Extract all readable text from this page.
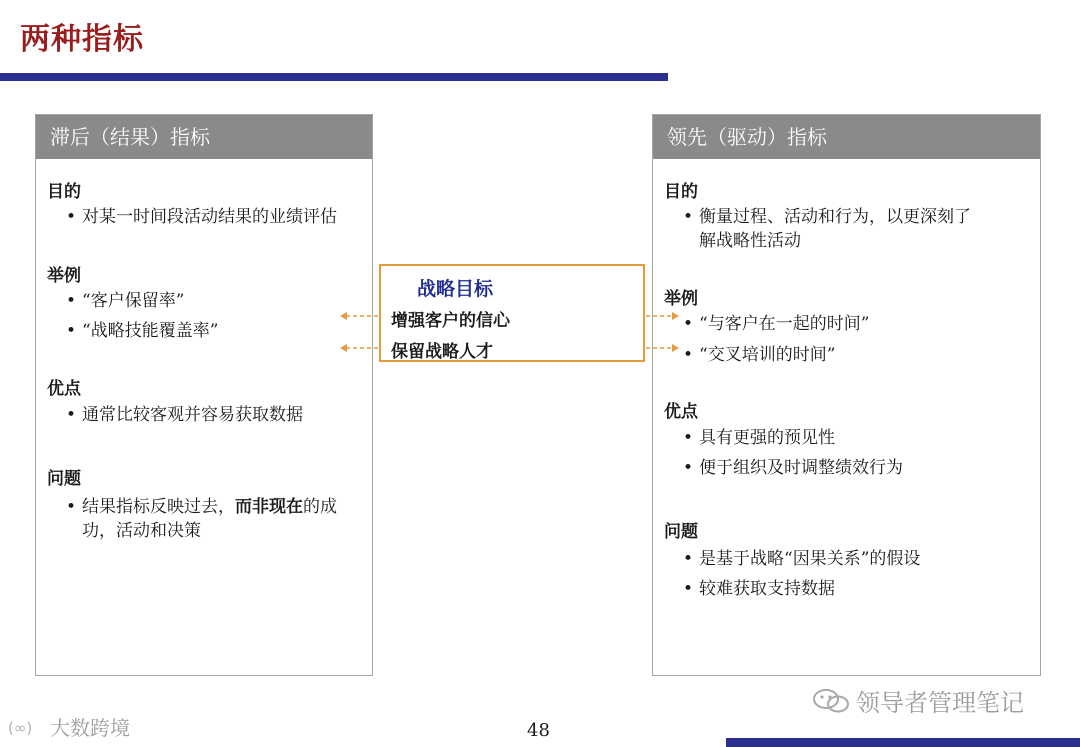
两种指标
滞后（结果）指标
目的
• 对某一时间段活动结果的业绩评估
举例
• “客户保留率”
• “战略技能覆盖率”
优点
• 通常比较客观并容易获取数据
问题
• 结果指标反映过去，而非现在的成
功，活动和决策
领先（驱动）指标
目的
• 衡量过程、活动和行为，以更深刻了
解战略性活动
举例
• “与客户在一起的时间”
• “交叉培训的时间”
优点
• 具有更强的预见性
• 便于组织及时调整绩效行为
问题
• 是基于战略“因果关系”的假设
• 较难获取支持数据
战略目标
增强客户的信心
保留战略人才
48
(∞) 大数跨境
领导者管理笔记
